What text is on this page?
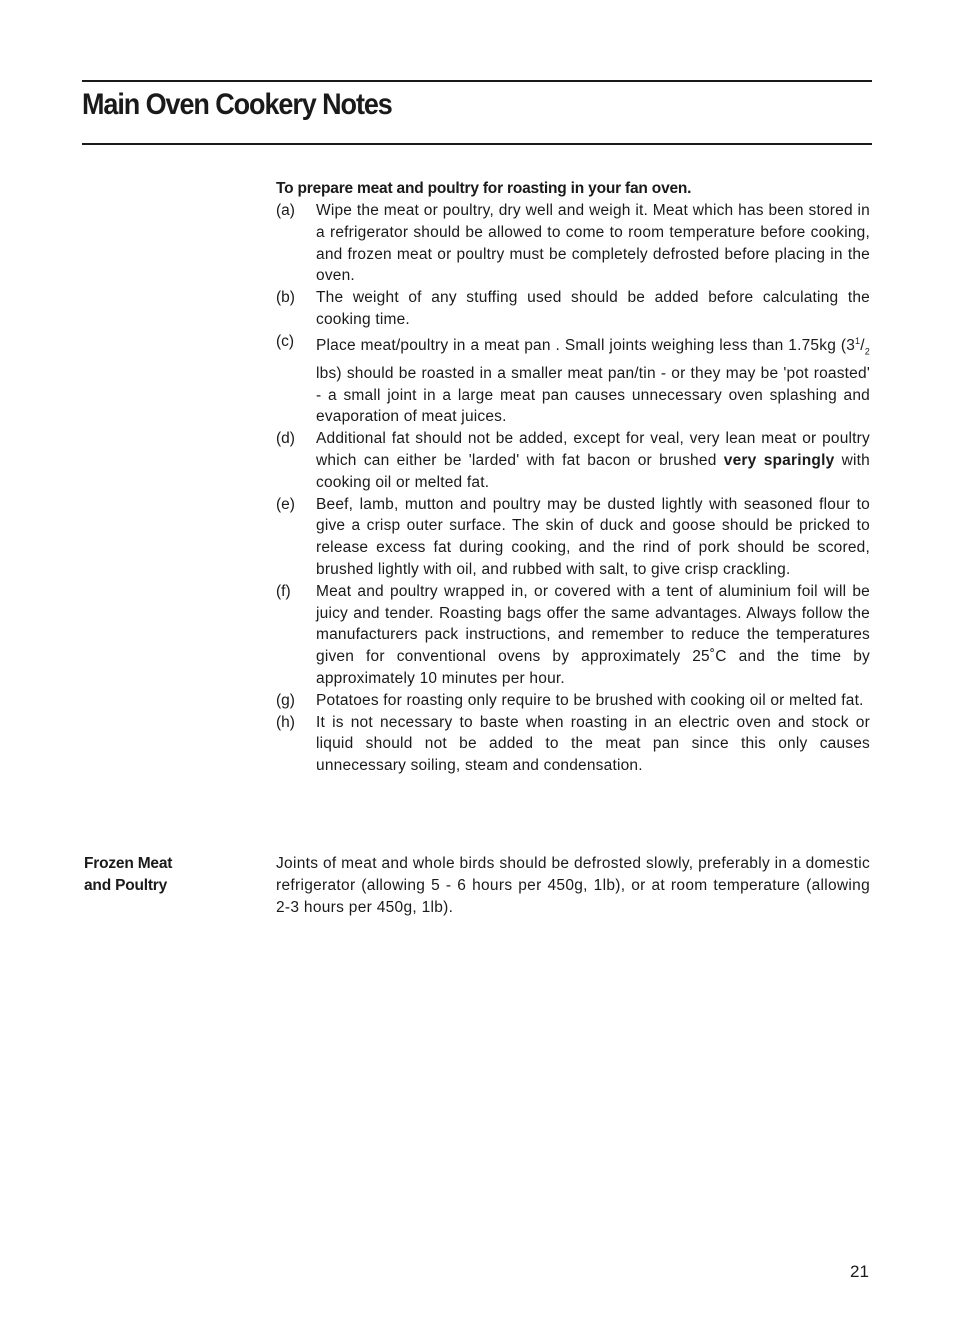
Main Oven Cookery Notes
To prepare meat and poultry for roasting in your fan oven.
(a)	Wipe the meat or poultry, dry well and weigh it. Meat which has been stored in a refrigerator should be allowed to come to room temperature before cooking, and frozen meat or poultry must be completely defrosted before placing in the oven.
(b)	The weight of any stuffing used should be added before calculating the cooking time.
(c)	Place meat/poultry in a meat pan . Small joints weighing less than 1.75kg ($3^1/_2$ lbs) should be roasted in a smaller meat pan/tin - or they may be 'pot roasted' - a small joint in a large meat pan causes unnecessary oven splashing and evaporation of meat juices.
(d)	Additional fat should not be added, except for veal, very lean meat or poultry which can either be 'larded' with fat bacon or brushed very sparingly with cooking oil or melted fat.
(e)	Beef, lamb, mutton and poultry may be dusted lightly with seasoned flour to give a crisp outer surface. The skin of duck and goose should be pricked to release excess fat during cooking, and the rind of pork should be scored, brushed lightly with oil, and rubbed with salt, to give crisp crackling.
(f)	Meat and poultry wrapped in, or covered with a tent of aluminium foil will be juicy and tender. Roasting bags offer the same advantages. Always follow the manufacturers pack instructions, and remember to reduce the temperatures given for conventional ovens by approximately 25˚C and the time by approximately 10 minutes per hour.
(g)	Potatoes for roasting only require to be brushed with cooking oil or melted fat.
(h)	It is not necessary to baste when roasting in an electric oven and stock or liquid should not be added to the meat pan since this only causes unnecessary soiling, steam and condensation.
Frozen Meat
and Poultry

Joints of meat and whole birds should be defrosted slowly, preferably in a domestic refrigerator (allowing 5 - 6 hours per 450g, 1lb), or at room temperature (allowing 2-3 hours per 450g, 1lb).

21
